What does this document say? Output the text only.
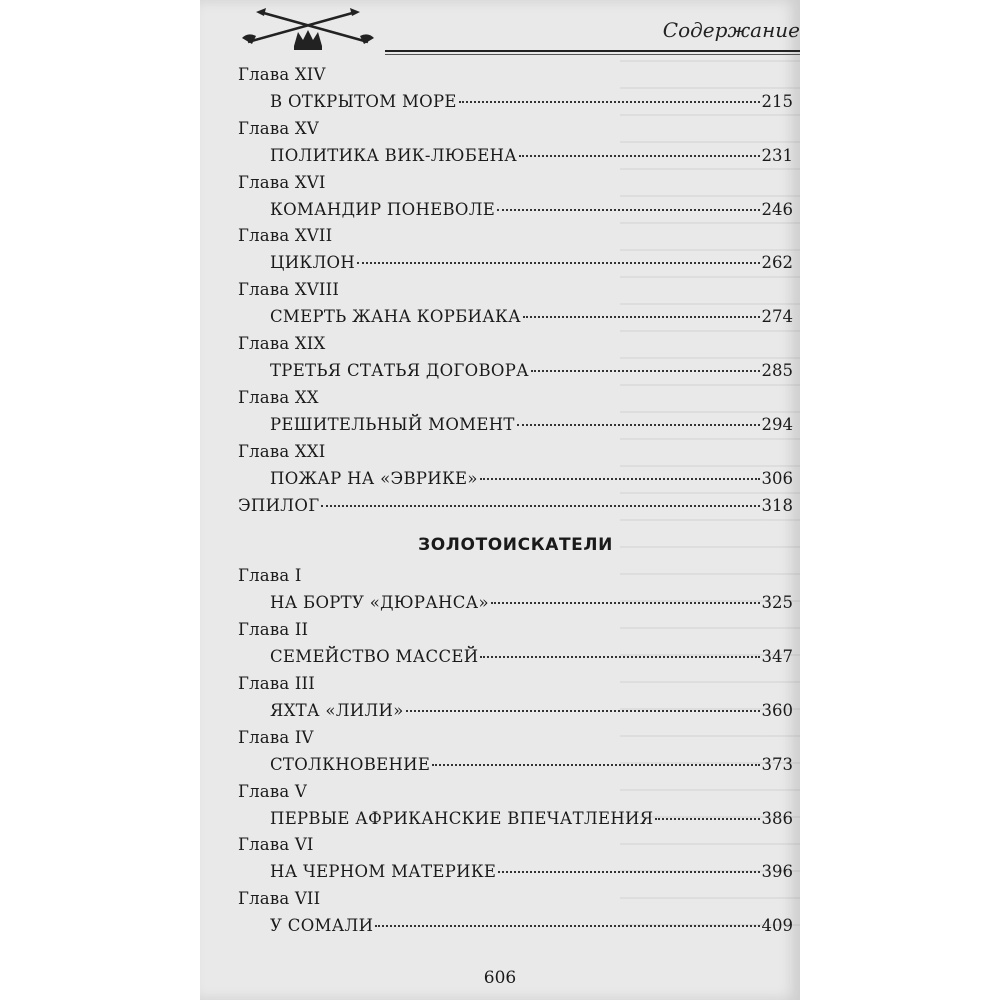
Содержание
Глава XIV
В ОТКРЫТОМ МОРЕ	215
Глава XV
ПОЛИТИКА ВИК-ЛЮБЕНА	231
Глава XVI
КОМАНДИР ПОНЕВОЛЕ	246
Глава XVII
ЦИКЛОН	262
Глава XVIII
СМЕРТЬ ЖАНА КОРБИАКА	274
Глава XIX
ТРЕТЬЯ СТАТЬЯ ДОГОВОРА	285
Глава XX
РЕШИТЕЛЬНЫЙ МОМЕНТ	294
Глава XXI
ПОЖАР НА «ЭВРИКЕ»	306
ЭПИЛОГ	318
ЗОЛОТОИСКАТЕЛИ
Глава I
НА БОРТУ «ДЮРАНСА»	325
Глава II
СЕМЕЙСТВО МАССЕЙ	347
Глава III
ЯХТА «ЛИЛИ»	360
Глава IV
СТОЛКНОВЕНИЕ	373
Глава V
ПЕРВЫЕ АФРИКАНСКИЕ ВПЕЧАТЛЕНИЯ	386
Глава VI
НА ЧЕРНОМ МАТЕРИКЕ	396
Глава VII
У СОМАЛИ	409
606
